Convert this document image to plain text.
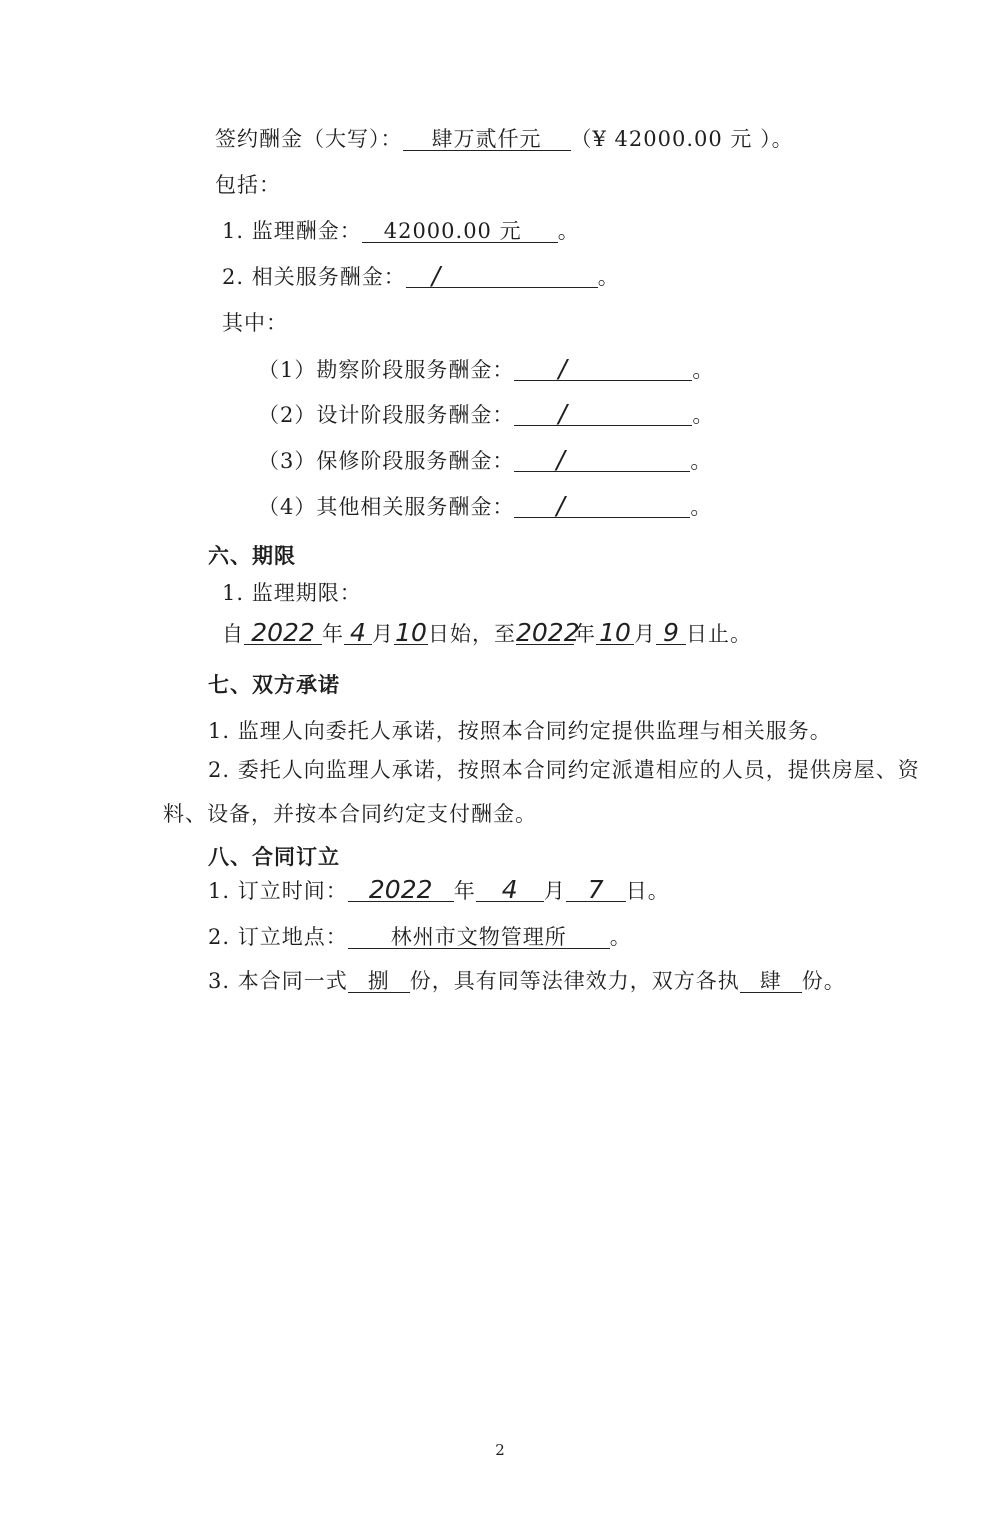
签约酬金（大写）： 肆万贰仟元 （¥ 42000.00 元 ）。
包括：
1. 监理酬金： 42000.00 元 。
2. 相关服务酬金： /	。
其中：
（1）勘察阶段服务酬金： /	。
（2）设计阶段服务酬金： /	。
（3）保修阶段服务酬金： /	。
（4）其他相关服务酬金： /	。
六、期限
1. 监理期限：
自 2022 年 4 月10日始，至2022年 10 月 9 日止。
七、双方承诺
1. 监理人向委托人承诺，按照本合同约定提供监理与相关服务。
2. 委托人向监理人承诺，按照本合同约定派遣相应的人员，提供房屋、资
料、设备，并按本合同约定支付酬金。
八、合同订立
1. 订立时间： 2022 年 4 月 7 日。
2. 订立地点： 林州市文物管理所 。
3. 本合同一式 捌 份，具有同等法律效力，双方各执 肆 份。
2
